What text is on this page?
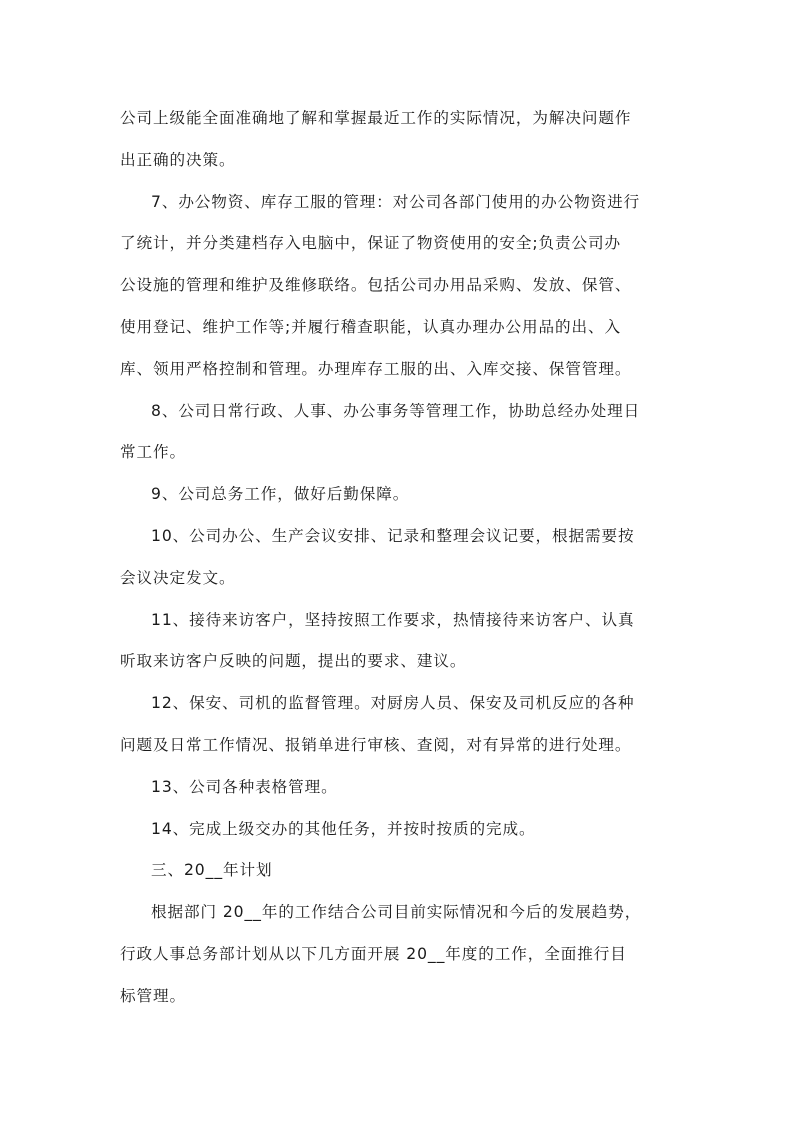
公司上级能全面准确地了解和掌握最近工作的实际情况，为解决问题作
出正确的决策。
7、办公物资、库存工服的管理：对公司各部门使用的办公物资进行
了统计，并分类建档存入电脑中，保证了物资使用的安全;负责公司办
公设施的管理和维护及维修联络。包括公司办用品采购、发放、保管、
使用登记、维护工作等;并履行稽查职能，认真办理办公用品的出、入
库、领用严格控制和管理。办理库存工服的出、入库交接、保管管理。
8、公司日常行政、人事、办公事务等管理工作，协助总经办处理日
常工作。
9、公司总务工作，做好后勤保障。
10、公司办公、生产会议安排、记录和整理会议记要，根据需要按
会议决定发文。
11、接待来访客户，坚持按照工作要求，热情接待来访客户、认真
听取来访客户反映的问题，提出的要求、建议。
12、保安、司机的监督管理。对厨房人员、保安及司机反应的各种
问题及日常工作情况、报销单进行审核、查阅，对有异常的进行处理。
13、公司各种表格管理。
14、完成上级交办的其他任务，并按时按质的完成。
三、20__年计划
根据部门 20__年的工作结合公司目前实际情况和今后的发展趋势，
行政人事总务部计划从以下几方面开展 20__年度的工作，全面推行目
标管理。
